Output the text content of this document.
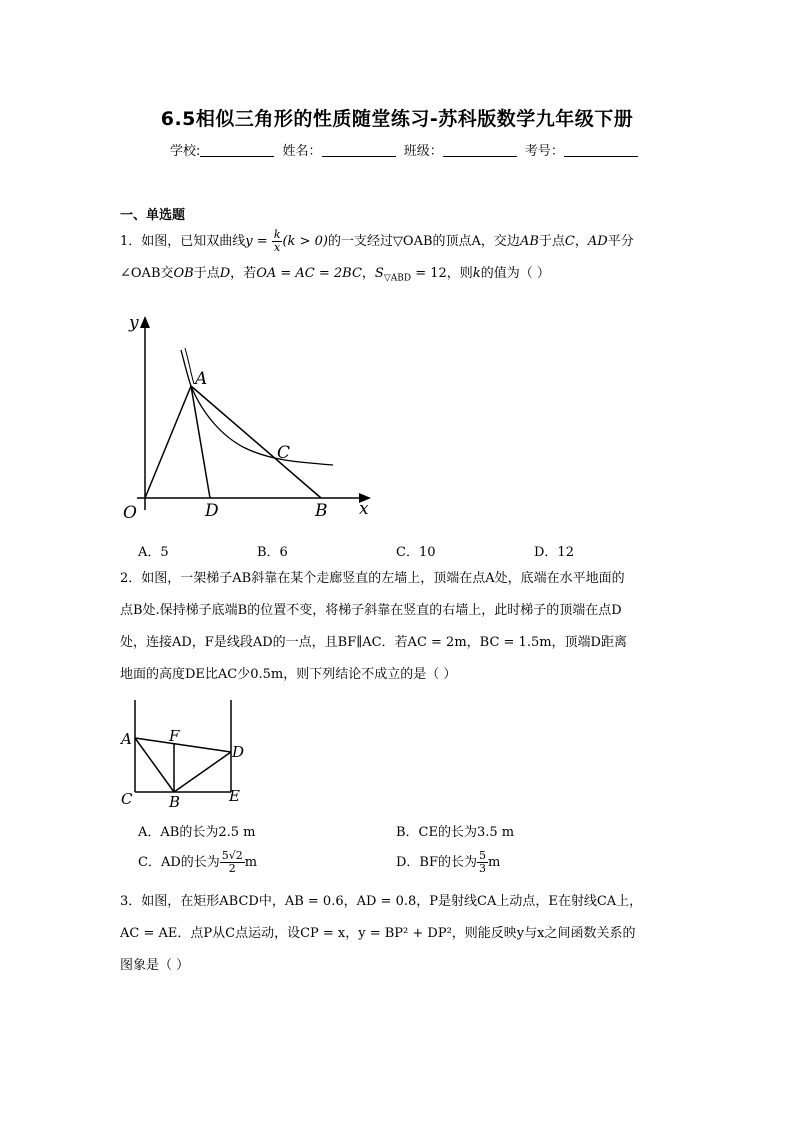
6.5相似三角形的性质随堂练习-苏科版数学九年级下册
学校:	姓名：	班级：	考号：
一、单选题
1．如图，已知双曲线$y = \frac{k}{x} (k > 0)$的一支经过▽OAB的顶点A，交边AB于点C，AD平分
∠OAB交OB于点D，若OA = AC = 2BC，$S_{▽ABD} = 12$，则k的值为（ ）
y
x
O
A
C
D	B
A．5	B．6	C．10	D．12
2．如图，一架梯子AB斜靠在某个走廊竖直的左墙上，顶端在点A处，底端在水平地面的
点B处.保持梯子底端B的位置不变，将梯子斜靠在竖直的右墙上，此时梯子的顶端在点D
处，连接AD，F是线段AD的一点，且BF∥AC．若AC = 2m，BC = 1.5m，顶端D距离
地面的高度DE比AC少0.5m，则下列结论不成立的是（ ）
A F
D
C B	E
A．AB的长为2.5 m	B．CE的长为3.5 m
C．AD的长为 $\frac{5√2}{2}$ m	D．BF的长为 $\frac{5}{3}$ m
3．如图，在矩形ABCD中，AB = 0.6，AD = 0.8，P是射线CA上动点，E在射线CA上，
AC = AE．点P从C点运动，设CP = x，y = BP² + DP²，则能反映y与x之间函数关系的
图象是（ ）
